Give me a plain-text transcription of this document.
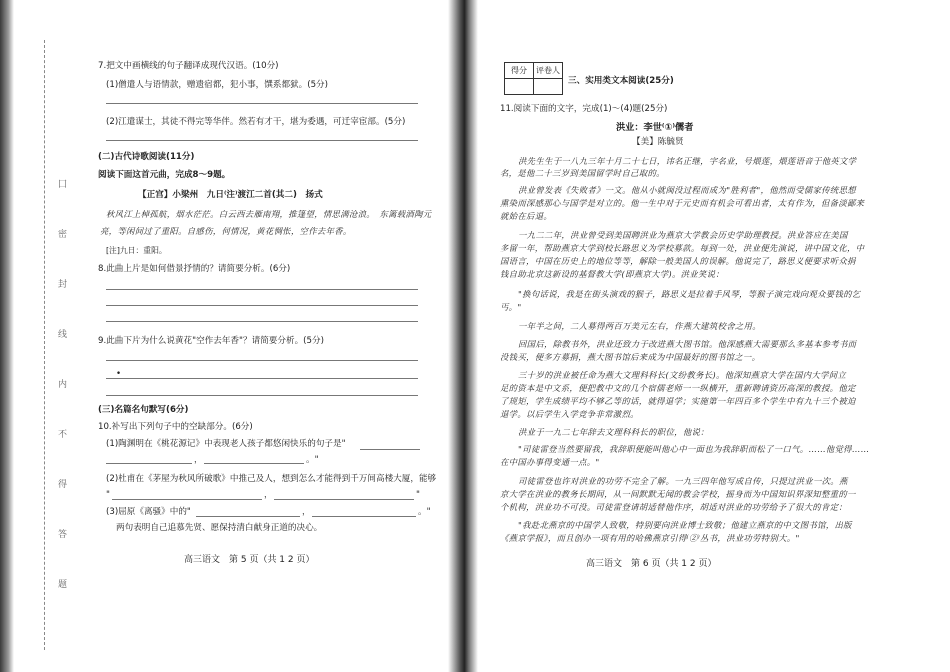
囗
密
封
线
内
不
得
答
题
7.把文中画横线的句子翻译成现代汉语。(10分)
(1)僧遣人与语情款，赠遗宿都，犯小事，馔系都狱。(5分)
(2)江遣谋士，其徒不得完等华伴。然若有才干，堪为委遇，可迁宰宦部。(5分)
(二)古代诗歌阅读(11分)
阅读下面这首元曲，完成8～9题。
【正宫】小梁州　九日⁽注⁾渡江二首(其二)　扬式
秋风江上棹孤航，烟水茫茫。白云西去雁南翔，推篷望，情思满沧浪。　东篱载酒陶元
亮，等闲间过了重阳。自感伤，何情况，黄花惆怅，空作去年香。
[注]九日：重阳。
8.此曲上片是如何借景抒情的？请简要分析。(6分)
9.此曲下片为什么说黄花"空作去年香"？请简要分析。(5分)
•
(三)名篇名句默写(6分)
10.补写出下列句子中的空缺部分。(6分)
(1)陶渊明在《桃花源记》中表现老人孩子都悠闲快乐的句子是"
，	。"
(2)杜甫在《茅屋为秋风所破歌》中推己及人，想到怎么才能得到千万间高楼大厦，能够
"	，	"
(3)屈原《离骚》中的"	，	。"
两句表明自己追慕先贤、愿保持清白献身正道的决心。
高三语文　第 5 页（共 1 2 页）
得分	评卷人

三、实用类文本阅读(25分)
11.阅读下面的文字，完成(1)～(4)题(25分)
洪业：李世⁽①⁾儒者
【美】陈毓贤
洪先生生于一八九三年十月二十七日，讳名正继，字名业，号煨莲，煨莲语音于他英文学
名，是他二十三岁到美国留学时自己取的。
洪业曾发表《失败者》一文。他从小就闽没过程而成为"胜利者"，他然而受儒家传统思想
熏染而深感那心与国学是对立的。他一生中对于元史而有机会可看出者，太有作为，但备淡鄙来
就始在后退。
一九二二年，洪业曾受到美国聘洪业为燕京大学教会历史学助理教授。洪业答应在美国
多留一年，帮助燕京大学到校长路思义为学校募款。每到一处，洪业便先演说，讲中国文化，中
国语言，中国在历史上的地位等等，解除一般美国人的误解。他说完了，路思义便要求听众捐
钱自助北京这新设的基督教大学(即燕京大学)。洪业笑说：
"换句话说，我是在街头演戏的猴子，路思义是拉着手风琴，等猴子演完戏向观众要钱的乞
丐。"
一年半之间，二人募得两百万美元左右，作燕大建筑校舍之用。
回国后，除教书外，洪业还致力于改进燕大图书馆。他深感燕大需要那么多基本参考书而
没钱买，便多方募捐，燕大图书馆后来成为中国最好的图书馆之一。
三十岁的洪业被任命为燕大文理科科长(文纷教务长)。他深知燕京大学在国内大学间立
足的资本是中文系，便把教中文的几个宿儒老师一一纵横开，重新聘请资历高深的教授。他定
了规矩，学生成绩平均不够乙等的话，就得退学；实施第一年四百多个学生中有九十三个被迫
退学。以后学生入学竞争非常激烈。
洪业于一九二七年辞去文理科科长的职位，他说：
"司徒雷登当然要留我，我辞职便能叫他心中一面也为我辞职而松了一口气。……他觉得……
在中国办事得变通一点。"
司徒雷登也许对洪业的功劳不完全了解。一九三四年他写成自传，只提过洪业一次。燕
京大学在洪业的教务长期间，从一间默默无闻的教会学校，摇身而为中国知识界深知整重的一
个机构，洪业功不可没。司徒雷登请胡适替他作序，胡适对洪业的功劳给予了很大的肯定：
"我赴北燕京的中国学人致敬，特别要向洪业博士致敬；他建立燕京的中文图书馆，出版
《燕京学报》，而且创办一项有用的哈佛燕京引得⁽②⁾丛书，洪业功劳特别大。"
高三语文　第 6 页（共 1 2 页）
